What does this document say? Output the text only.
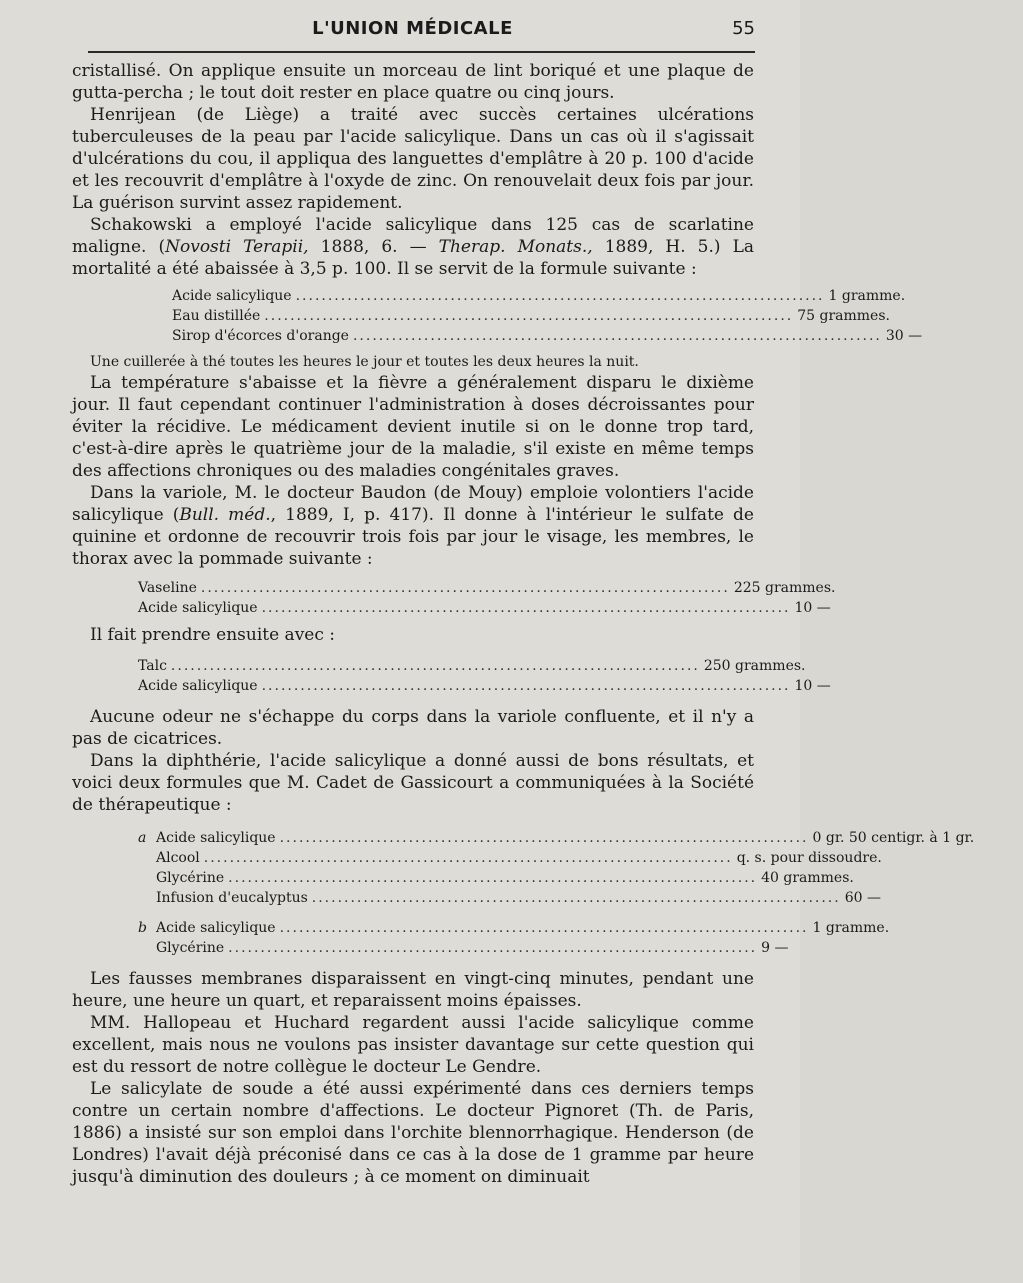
L'UNION MÉDICALE	55

cristallisé. On applique ensuite un morceau de lint boriqué et une plaque de gutta-percha ; le tout doit rester en place quatre ou cinq jours.

Henrijean (de Liège) a traité avec succès certaines ulcérations tuberculeuses de la peau par l'acide salicylique. Dans un cas où il s'agissait d'ulcérations du cou, il appliqua des languettes d'emplâtre à 20 p. 100 d'acide et les recouvrit d'emplâtre à l'oxyde de zinc. On renouvelait deux fois par jour. La guérison survint assez rapidement.

Schakowski a employé l'acide salicylique dans 125 cas de scarlatine maligne. (Novosti Terapii, 1888, 6. — Therap. Monats., 1889, H. 5.) La mortalité a été abaissée à 3,5 p. 100. Il se servit de la formule suivante :

Acide salicylique .................................................................................. 1 gramme.
Eau distillée .................................................................................. 75 grammes.
Sirop d'écorces d'orange .................................................................................. 30 —

Une cuillerée à thé toutes les heures le jour et toutes les deux heures la nuit.

La température s'abaisse et la fièvre a généralement disparu le dixième jour. Il faut cependant continuer l'administration à doses décroissantes pour éviter la récidive. Le médicament devient inutile si on le donne trop tard, c'est-à-dire après le quatrième jour de la maladie, s'il existe en même temps des affections chroniques ou des maladies congénitales graves.

Dans la variole, M. le docteur Baudon (de Mouy) emploie volontiers l'acide salicylique (Bull. méd., 1889, I, p. 417). Il donne à l'intérieur le sulfate de quinine et ordonne de recouvrir trois fois par jour le visage, les membres, le thorax avec la pommade suivante :

Vaseline .................................................................................. 225 grammes.
Acide salicylique .................................................................................. 10 —

Il fait prendre ensuite avec :

Talc .................................................................................. 250 grammes.
Acide salicylique .................................................................................. 10 —

Aucune odeur ne s'échappe du corps dans la variole confluente, et il n'y a pas de cicatrices.

Dans la diphthérie, l'acide salicylique a donné aussi de bons résultats, et voici deux formules que M. Cadet de Gassicourt a communiquées à la Société de thérapeutique :

a Acide salicylique .................................................................................. 0 gr. 50 centigr. à 1 gr.
Alcool .................................................................................. q. s. pour dissoudre.
Glycérine .................................................................................. 40 grammes.
Infusion d'eucalyptus .................................................................................. 60 —
b Acide salicylique .................................................................................. 1 gramme.
Glycérine .................................................................................. 9 —

Les fausses membranes disparaissent en vingt-cinq minutes, pendant une heure, une heure un quart, et reparaissent moins épaisses.

MM. Hallopeau et Huchard regardent aussi l'acide salicylique comme excellent, mais nous ne voulons pas insister davantage sur cette question qui est du ressort de notre collègue le docteur Le Gendre.

Le salicylate de soude a été aussi expérimenté dans ces derniers temps contre un certain nombre d'affections. Le docteur Pignoret (Th. de Paris, 1886) a insisté sur son emploi dans l'orchite blennorrhagique. Henderson (de Londres) l'avait déjà préconisé dans ce cas à la dose de 1 gramme par heure jusqu'à diminution des douleurs ; à ce moment on diminuait
